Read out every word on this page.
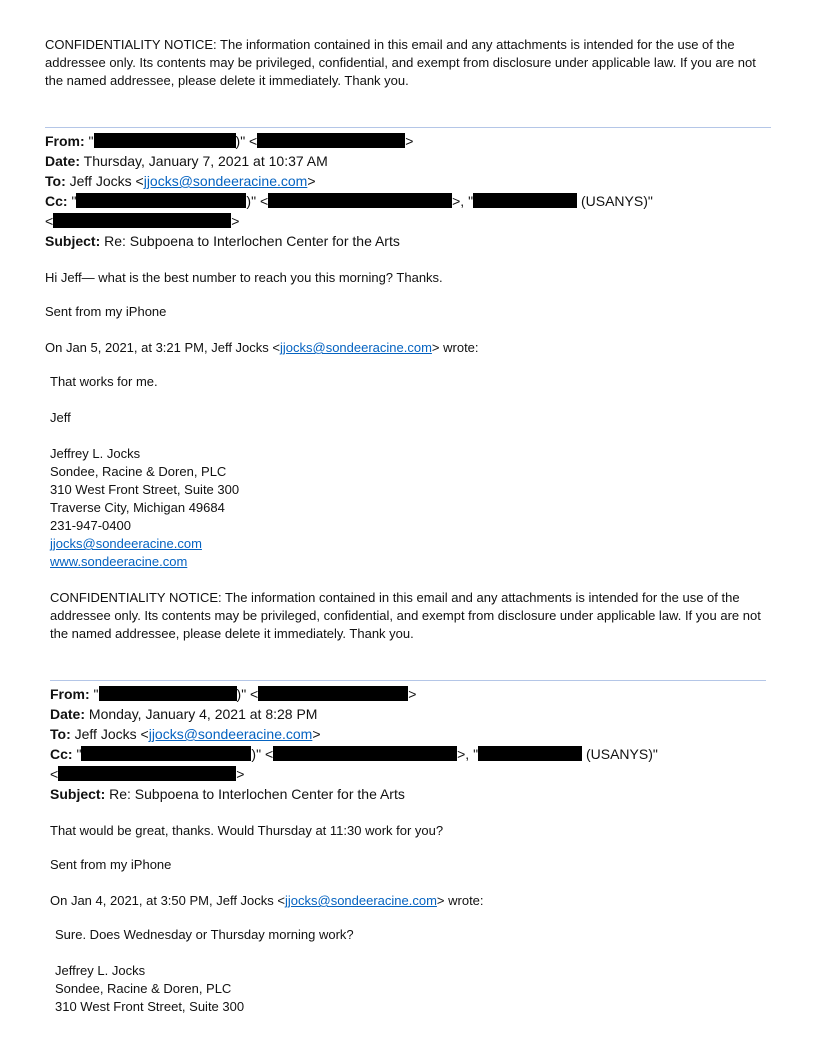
CONFIDENTIALITY NOTICE: The information contained in this email and any attachments is intended for the use of the addressee only. Its contents may be privileged, confidential, and exempt from disclosure under applicable law. If you are not the named addressee, please delete it immediately. Thank you.
From: "	)" <	>
Date: Thursday, January 7, 2021 at 10:37 AM
To: Jeff Jocks <jjocks@sondeeracine.com>
Cc: "	)" <	>, "	(USANYS)"
<	>
Subject: Re: Subpoena to Interlochen Center for the Arts
Hi Jeff— what is the best number to reach you this morning? Thanks.
Sent from my iPhone
On Jan 5, 2021, at 3:21 PM, Jeff Jocks <jjocks@sondeeracine.com> wrote:
That works for me.
Jeff
Jeffrey L. Jocks
Sondee, Racine & Doren, PLC
310 West Front Street, Suite 300
Traverse City, Michigan 49684
231-947-0400
jjocks@sondeeracine.com
www.sondeeracine.com
CONFIDENTIALITY NOTICE: The information contained in this email and any attachments is intended for the use of the addressee only. Its contents may be privileged, confidential, and exempt from disclosure under applicable law. If you are not the named addressee, please delete it immediately. Thank you.
From: "	)" <	>
Date: Monday, January 4, 2021 at 8:28 PM
To: Jeff Jocks <jjocks@sondeeracine.com>
Cc: "	)" <	>, "	(USANYS)"
<	>
Subject: Re: Subpoena to Interlochen Center for the Arts
That would be great, thanks. Would Thursday at 11:30 work for you?
Sent from my iPhone
On Jan 4, 2021, at 3:50 PM, Jeff Jocks <jjocks@sondeeracine.com> wrote:
Sure. Does Wednesday or Thursday morning work?
Jeffrey L. Jocks
Sondee, Racine & Doren, PLC
310 West Front Street, Suite 300
